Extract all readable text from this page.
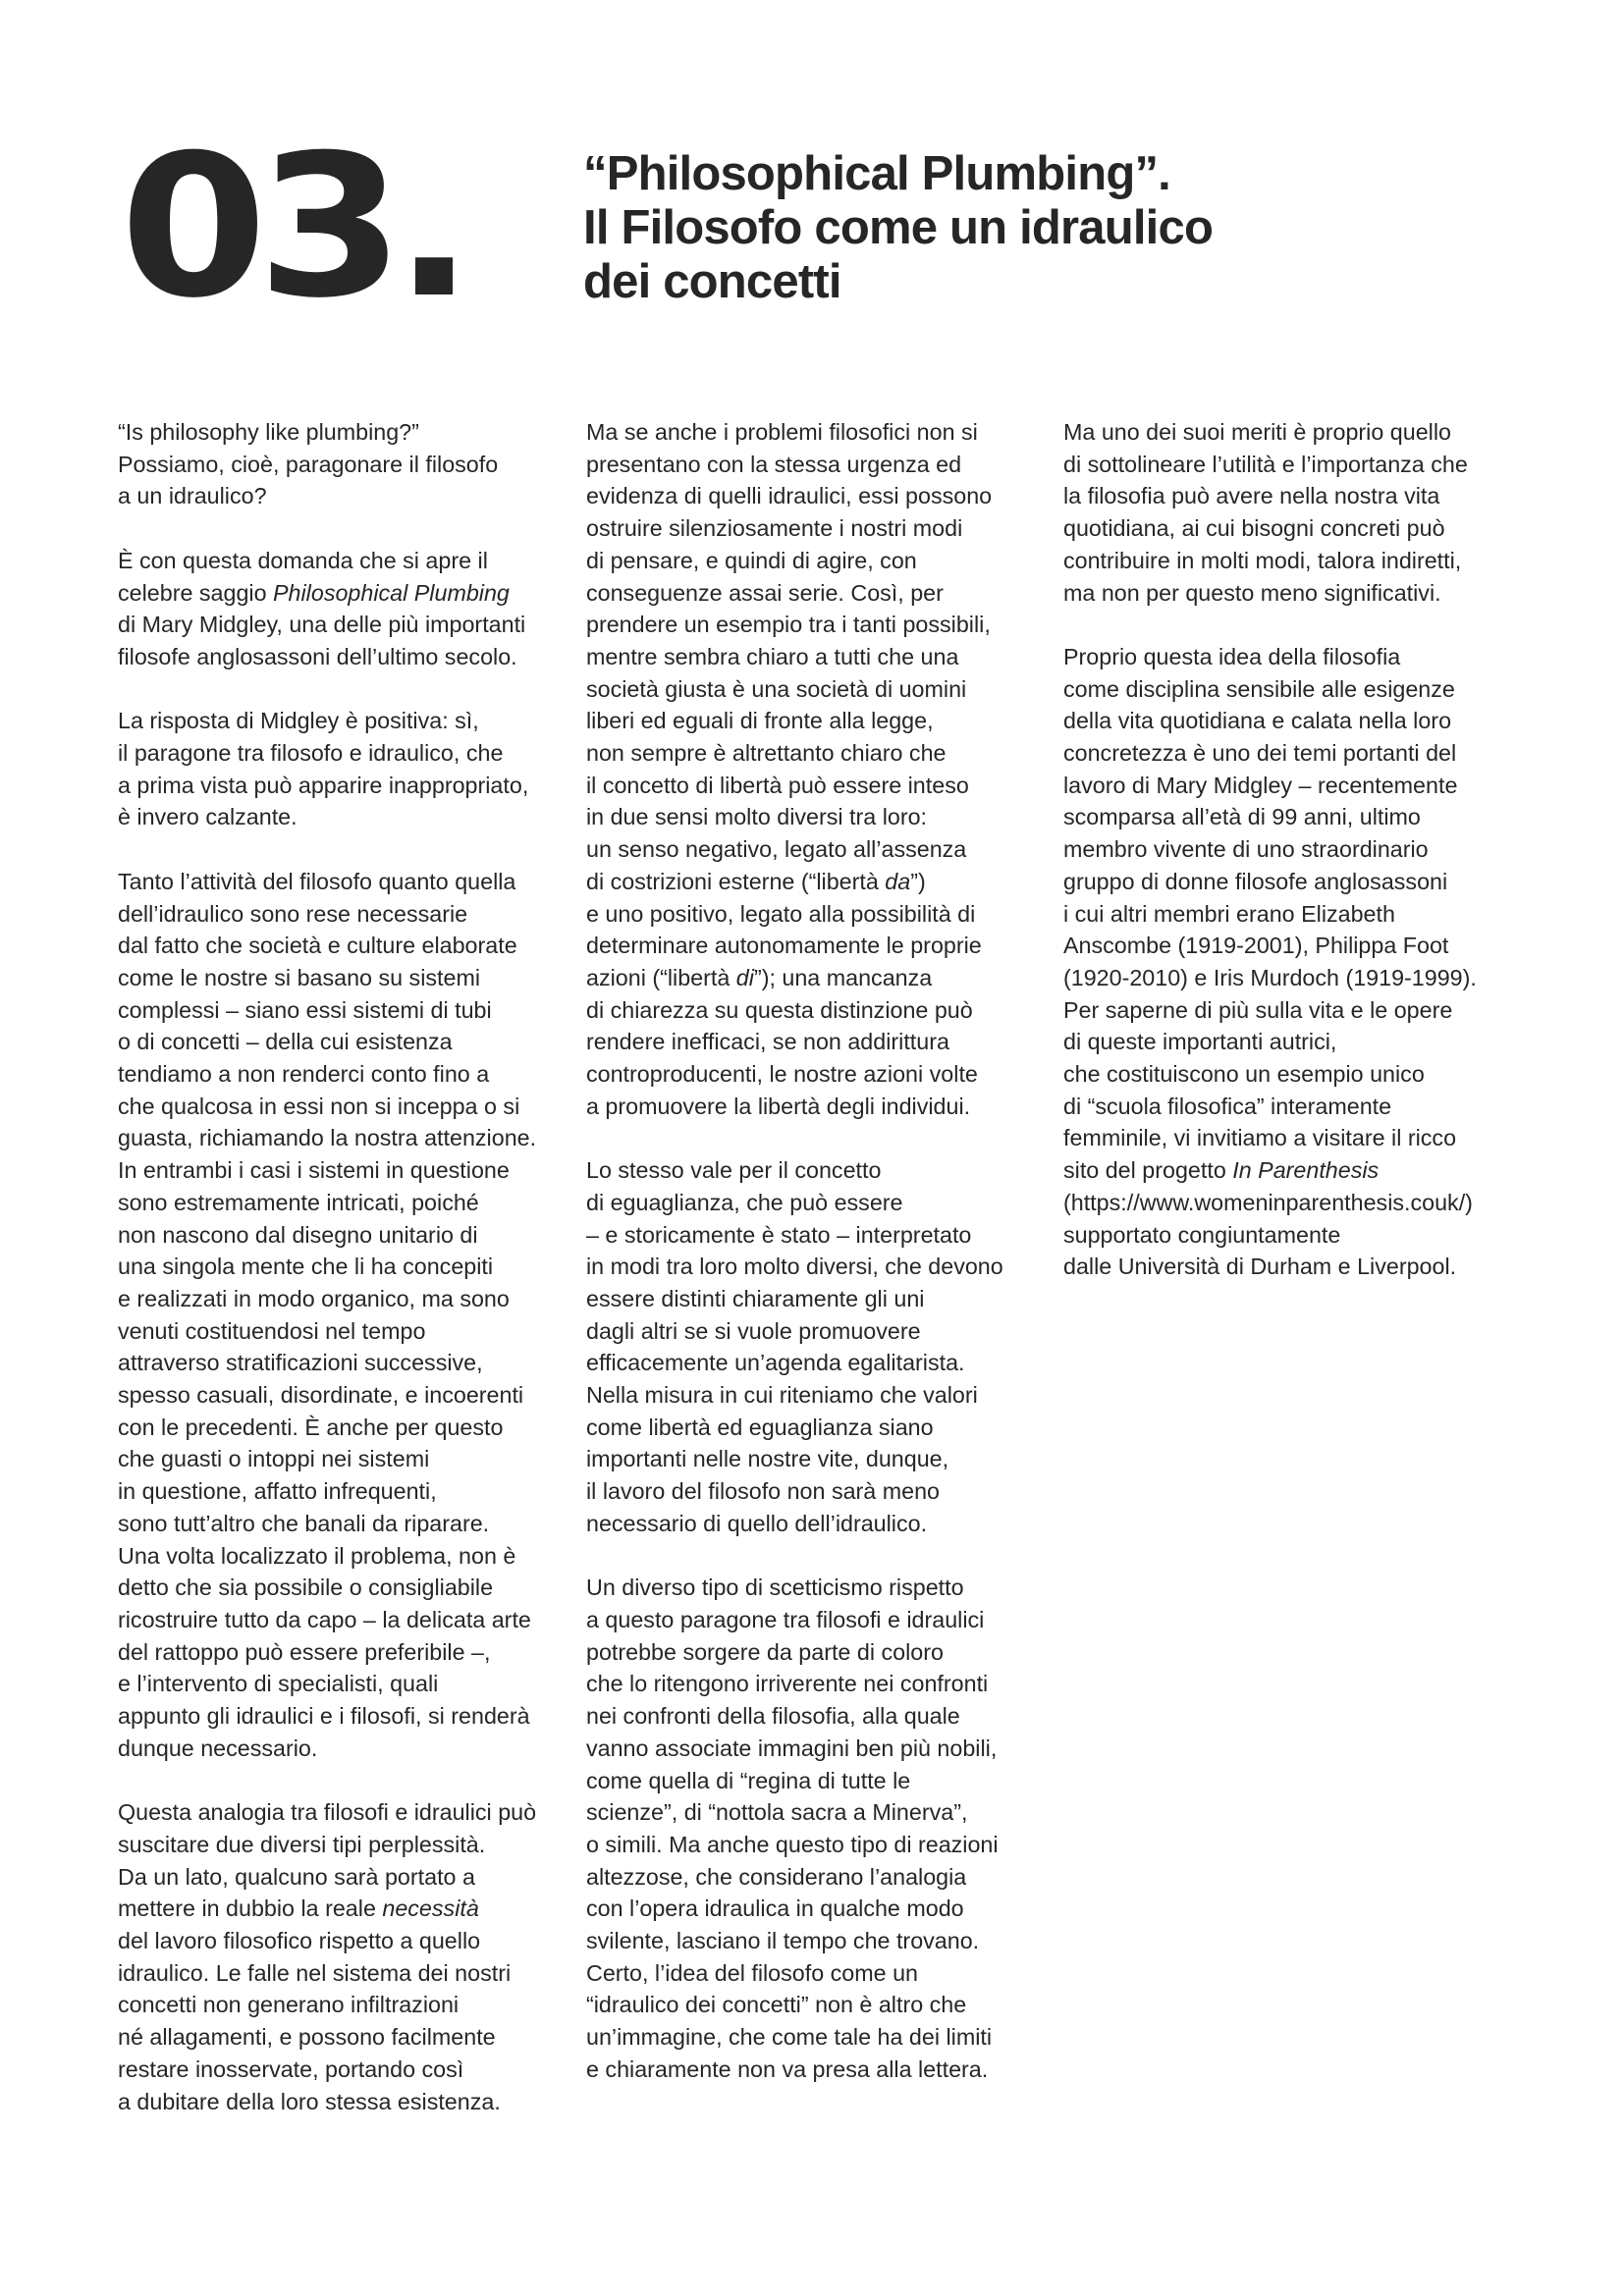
03. “Philosophical Plumbing”.
Il Filosofo come un idraulico
dei concetti

“Is philosophy like plumbing?”
Possiamo, cioè, paragonare il filosofo
a un idraulico?

È con questa domanda che si apre il
celebre saggio Philosophical Plumbing
di Mary Midgley, una delle più importanti
filosofe anglosassoni dell’ultimo secolo.

La risposta di Midgley è positiva: sì,
il paragone tra filosofo e idraulico, che
a prima vista può apparire inappropriato,
è invero calzante.

Tanto l’attività del filosofo quanto quella
dell’idraulico sono rese necessarie
dal fatto che società e culture elaborate
come le nostre si basano su sistemi
complessi – siano essi sistemi di tubi
o di concetti – della cui esistenza
tendiamo a non renderci conto fino a
che qualcosa in essi non si inceppa o si
guasta, richiamando la nostra attenzione.
In entrambi i casi i sistemi in questione
sono estremamente intricati, poiché
non nascono dal disegno unitario di
una singola mente che li ha concepiti
e realizzati in modo organico, ma sono
venuti costituendosi nel tempo
attraverso stratificazioni successive,
spesso casuali, disordinate, e incoerenti
con le precedenti. È anche per questo
che guasti o intoppi nei sistemi
in questione, affatto infrequenti,
sono tutt’altro che banali da riparare.
Una volta localizzato il problema, non è
detto che sia possibile o consigliabile
ricostruire tutto da capo – la delicata arte
del rattoppo può essere preferibile –,
e l’intervento di specialisti, quali
appunto gli idraulici e i filosofi, si renderà
dunque necessario.

Questa analogia tra filosofi e idraulici può
suscitare due diversi tipi perplessità.
Da un lato, qualcuno sarà portato a
mettere in dubbio la reale necessità
del lavoro filosofico rispetto a quello
idraulico. Le falle nel sistema dei nostri
concetti non generano infiltrazioni
né allagamenti, e possono facilmente
restare inosservate, portando così
a dubitare della loro stessa esistenza.

Ma se anche i problemi filosofici non si
presentano con la stessa urgenza ed
evidenza di quelli idraulici, essi possono
ostruire silenziosamente i nostri modi
di pensare, e quindi di agire, con
conseguenze assai serie. Così, per
prendere un esempio tra i tanti possibili,
mentre sembra chiaro a tutti che una
società giusta è una società di uomini
liberi ed eguali di fronte alla legge,
non sempre è altrettanto chiaro che
il concetto di libertà può essere inteso
in due sensi molto diversi tra loro:
un senso negativo, legato all’assenza
di costrizioni esterne (“libertà da”)
e uno positivo, legato alla possibilità di
determinare autonomamente le proprie
azioni (“libertà di”); una mancanza
di chiarezza su questa distinzione può
rendere inefficaci, se non addirittura
controproducenti, le nostre azioni volte
a promuovere la libertà degli individui.

Lo stesso vale per il concetto
di eguaglianza, che può essere
– e storicamente è stato – interpretato
in modi tra loro molto diversi, che devono
essere distinti chiaramente gli uni
dagli altri se si vuole promuovere
efficacemente un’agenda egalitarista.
Nella misura in cui riteniamo che valori
come libertà ed eguaglianza siano
importanti nelle nostre vite, dunque,
il lavoro del filosofo non sarà meno
necessario di quello dell’idraulico.

Un diverso tipo di scetticismo rispetto
a questo paragone tra filosofi e idraulici
potrebbe sorgere da parte di coloro
che lo ritengono irriverente nei confronti
nei confronti della filosofia, alla quale
vanno associate immagini ben più nobili,
come quella di “regina di tutte le
scienze”, di “nottola sacra a Minerva”,
o simili. Ma anche questo tipo di reazioni
altezzose, che considerano l’analogia
con l’opera idraulica in qualche modo
svilente, lasciano il tempo che trovano.
Certo, l’idea del filosofo come un
“idraulico dei concetti” non è altro che
un’immagine, che come tale ha dei limiti
e chiaramente non va presa alla lettera.

Ma uno dei suoi meriti è proprio quello
di sottolineare l’utilità e l’importanza che
la filosofia può avere nella nostra vita
quotidiana, ai cui bisogni concreti può
contribuire in molti modi, talora indiretti,
ma non per questo meno significativi.

Proprio questa idea della filosofia
come disciplina sensibile alle esigenze
della vita quotidiana e calata nella loro
concretezza è uno dei temi portanti del
lavoro di Mary Midgley – recentemente
scomparsa all’età di 99 anni, ultimo
membro vivente di uno straordinario
gruppo di donne filosofe anglosassoni
i cui altri membri erano Elizabeth
Anscombe (1919-2001), Philippa Foot
(1920-2010) e Iris Murdoch (1919-1999).
Per saperne di più sulla vita e le opere
di queste importanti autrici,
che costituiscono un esempio unico
di “scuola filosofica” interamente
femminile, vi invitiamo a visitare il ricco
sito del progetto In Parenthesis
(https://www.womeninparenthesis.couk/)
supportato congiuntamente
dalle Università di Durham e Liverpool.
